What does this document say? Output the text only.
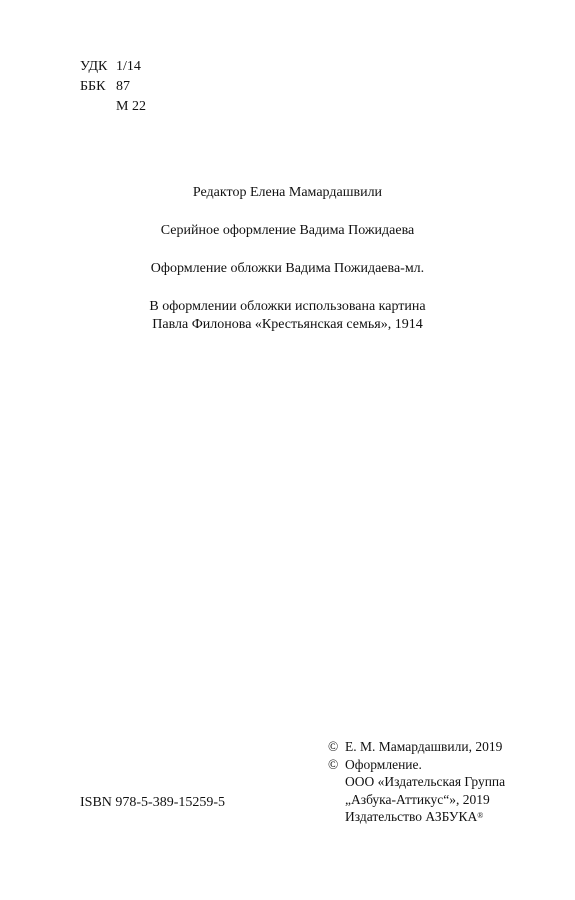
УДК 1/14
ББК 87
М 22

Редактор Елена Мамардашвили

Серийное оформление Вадима Пожидаева

Оформление обложки Вадима Пожидаева-мл.

В оформлении обложки использована картина
Павла Филонова «Крестьянская семья», 1914
ISBN 978-5-389-15259-5
© Е. М. Мамардашвили, 2019
© Оформление.
ООО «Издательская Группа
„Азбука-Аттикус“», 2019
Издательство АЗБУКА ®
